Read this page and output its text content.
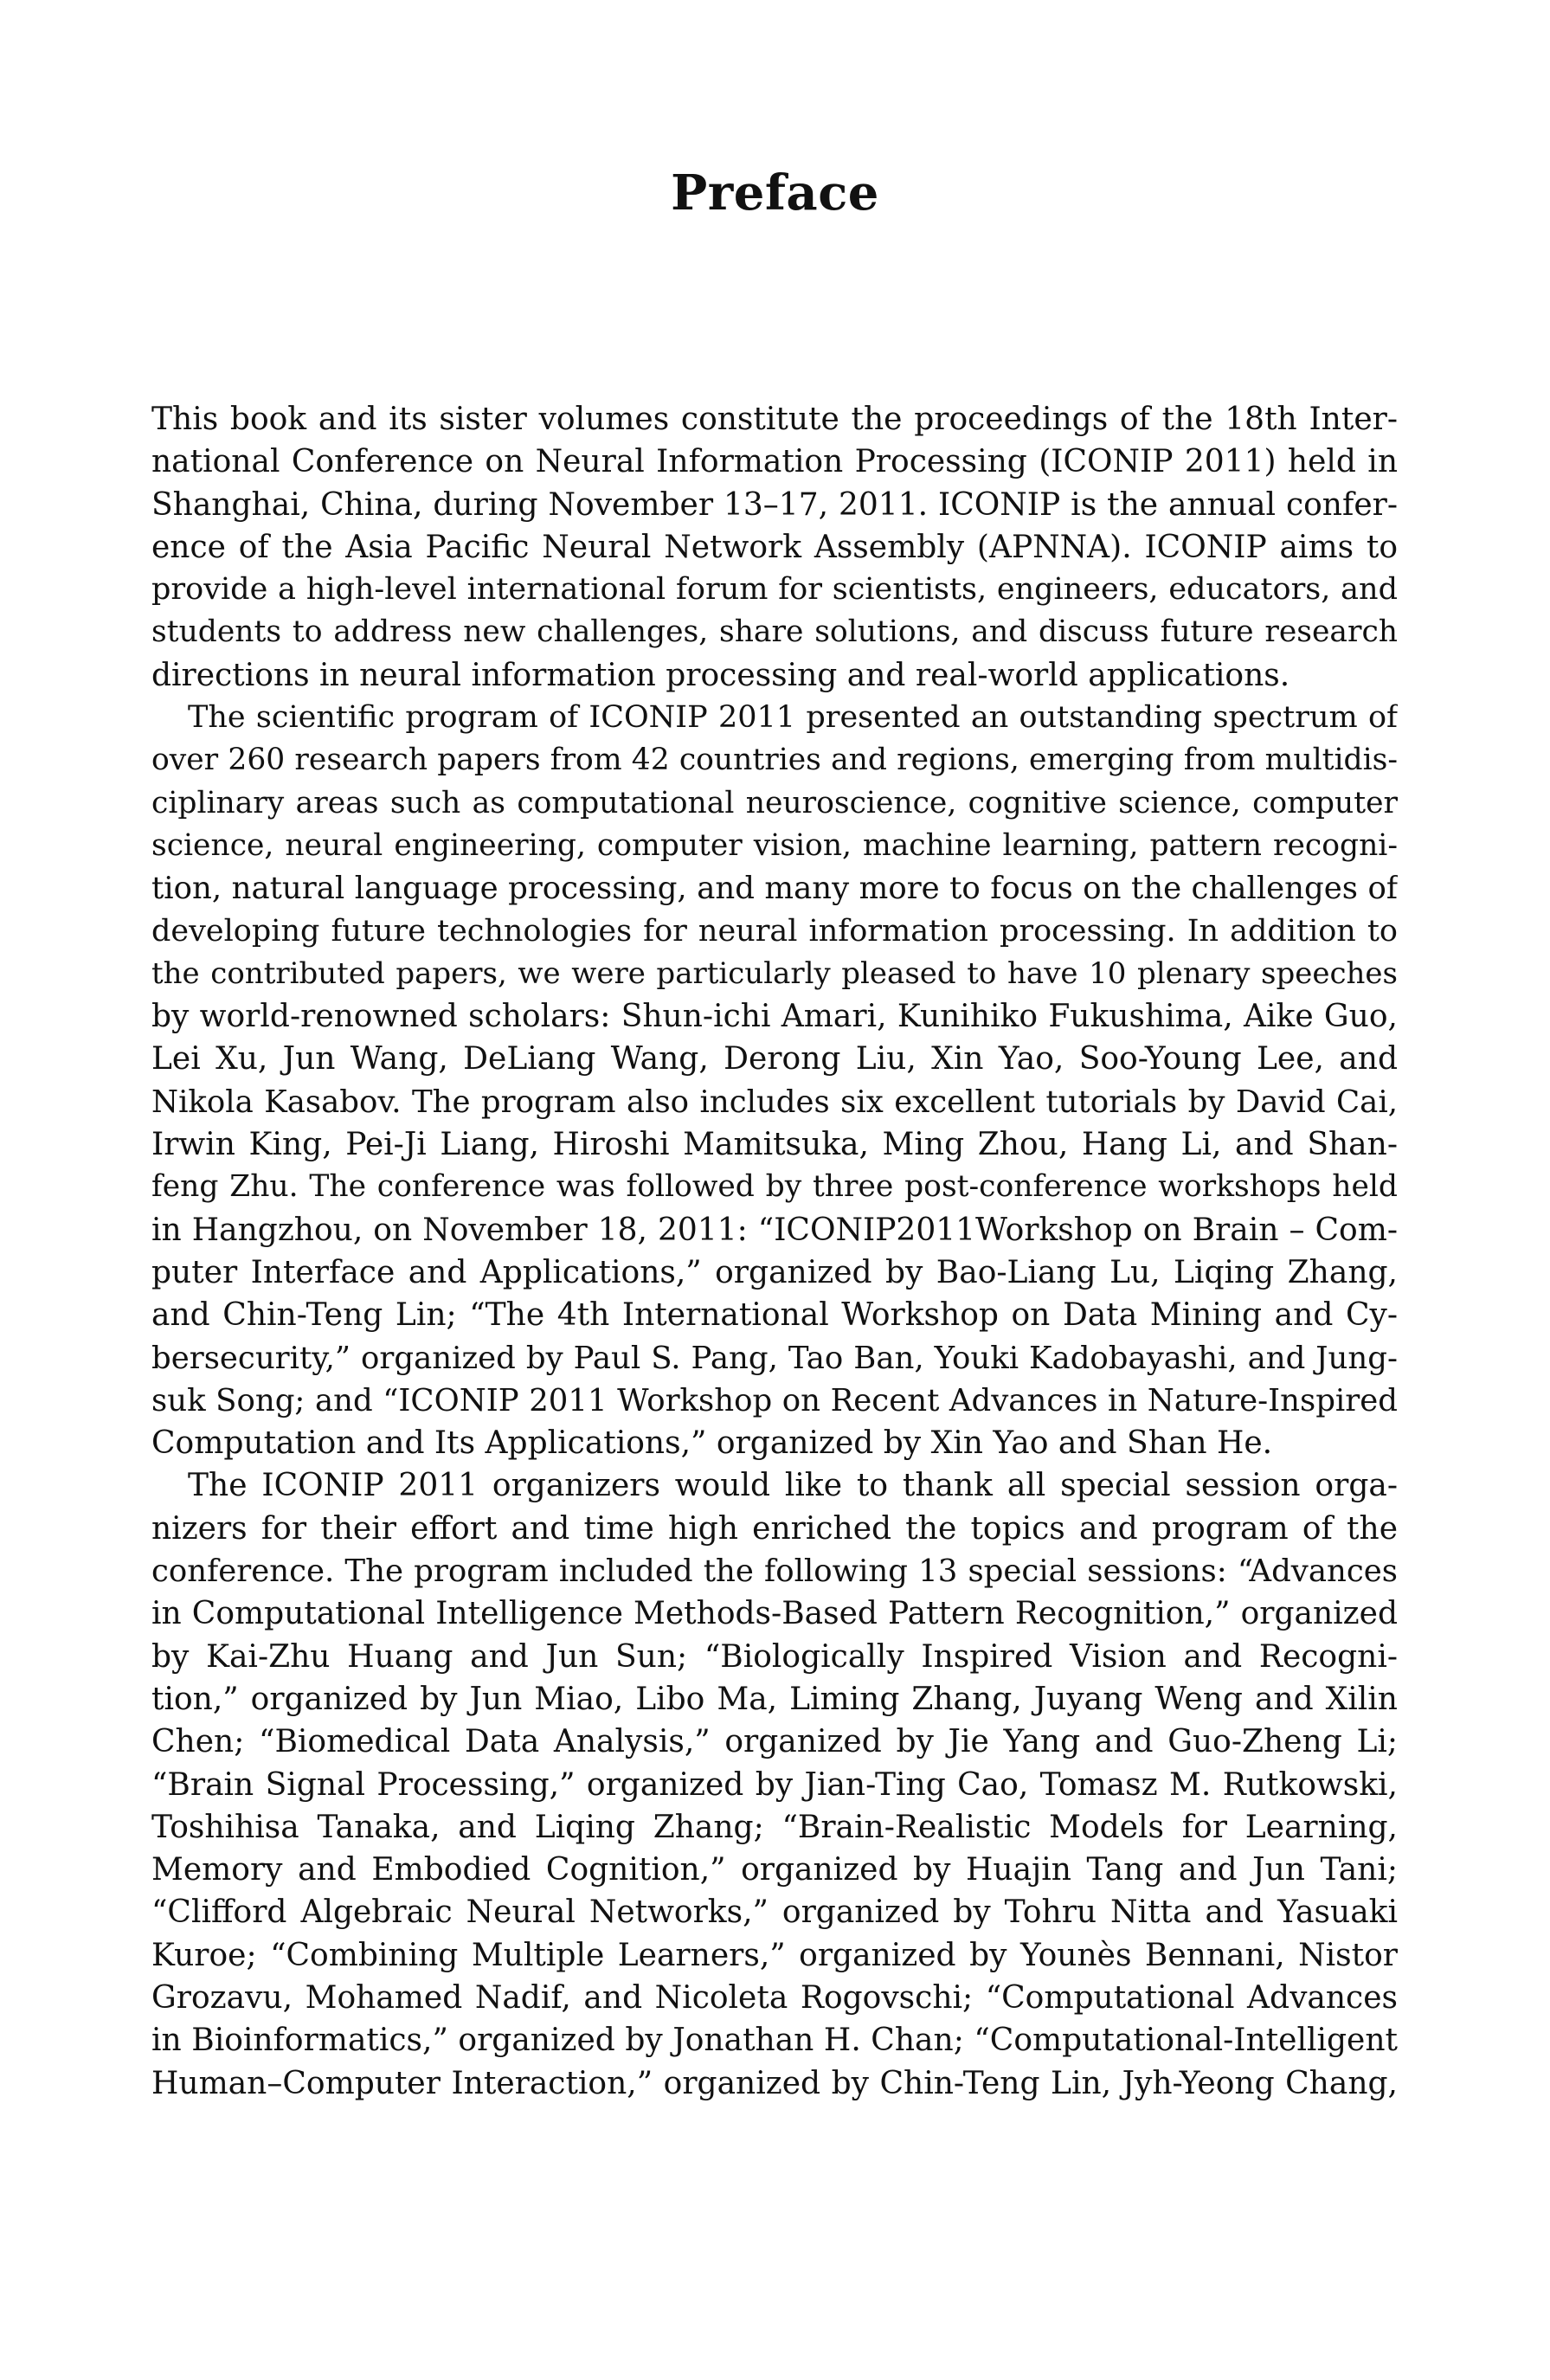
Preface
This book and its sister volumes constitute the proceedings of the 18th Inter-
national Conference on Neural Information Processing (ICONIP 2011) held in
Shanghai, China, during November 13–17, 2011. ICONIP is the annual confer-
ence of the Asia Pacific Neural Network Assembly (APNNA). ICONIP aims to
provide a high-level international forum for scientists, engineers, educators, and
students to address new challenges, share solutions, and discuss future research
directions in neural information processing and real-world applications.
The scientific program of ICONIP 2011 presented an outstanding spectrum of
over 260 research papers from 42 countries and regions, emerging from multidis-
ciplinary areas such as computational neuroscience, cognitive science, computer
science, neural engineering, computer vision, machine learning, pattern recogni-
tion, natural language processing, and many more to focus on the challenges of
developing future technologies for neural information processing. In addition to
the contributed papers, we were particularly pleased to have 10 plenary speeches
by world-renowned scholars: Shun-ichi Amari, Kunihiko Fukushima, Aike Guo,
Lei Xu, Jun Wang, DeLiang Wang, Derong Liu, Xin Yao, Soo-Young Lee, and
Nikola Kasabov. The program also includes six excellent tutorials by David Cai,
Irwin King, Pei-Ji Liang, Hiroshi Mamitsuka, Ming Zhou, Hang Li, and Shan-
feng Zhu. The conference was followed by three post-conference workshops held
in Hangzhou, on November 18, 2011: “ICONIP2011Workshop on Brain – Com-
puter Interface and Applications,” organized by Bao-Liang Lu, Liqing Zhang,
and Chin-Teng Lin; “The 4th International Workshop on Data Mining and Cy-
bersecurity,” organized by Paul S. Pang, Tao Ban, Youki Kadobayashi, and Jung-
suk Song; and “ICONIP 2011 Workshop on Recent Advances in Nature-Inspired
Computation and Its Applications,” organized by Xin Yao and Shan He.
The ICONIP 2011 organizers would like to thank all special session orga-
nizers for their effort and time high enriched the topics and program of the
conference. The program included the following 13 special sessions: “Advances
in Computational Intelligence Methods-Based Pattern Recognition,” organized
by Kai-Zhu Huang and Jun Sun; “Biologically Inspired Vision and Recogni-
tion,” organized by Jun Miao, Libo Ma, Liming Zhang, Juyang Weng and Xilin
Chen; “Biomedical Data Analysis,” organized by Jie Yang and Guo-Zheng Li;
“Brain Signal Processing,” organized by Jian-Ting Cao, Tomasz M. Rutkowski,
Toshihisa Tanaka, and Liqing Zhang; “Brain-Realistic Models for Learning,
Memory and Embodied Cognition,” organized by Huajin Tang and Jun Tani;
“Clifford Algebraic Neural Networks,” organized by Tohru Nitta and Yasuaki
Kuroe; “Combining Multiple Learners,” organized by Younès Bennani, Nistor
Grozavu, Mohamed Nadif, and Nicoleta Rogovschi; “Computational Advances
in Bioinformatics,” organized by Jonathan H. Chan; “Computational-Intelligent
Human–Computer Interaction,” organized by Chin-Teng Lin, Jyh-Yeong Chang,
